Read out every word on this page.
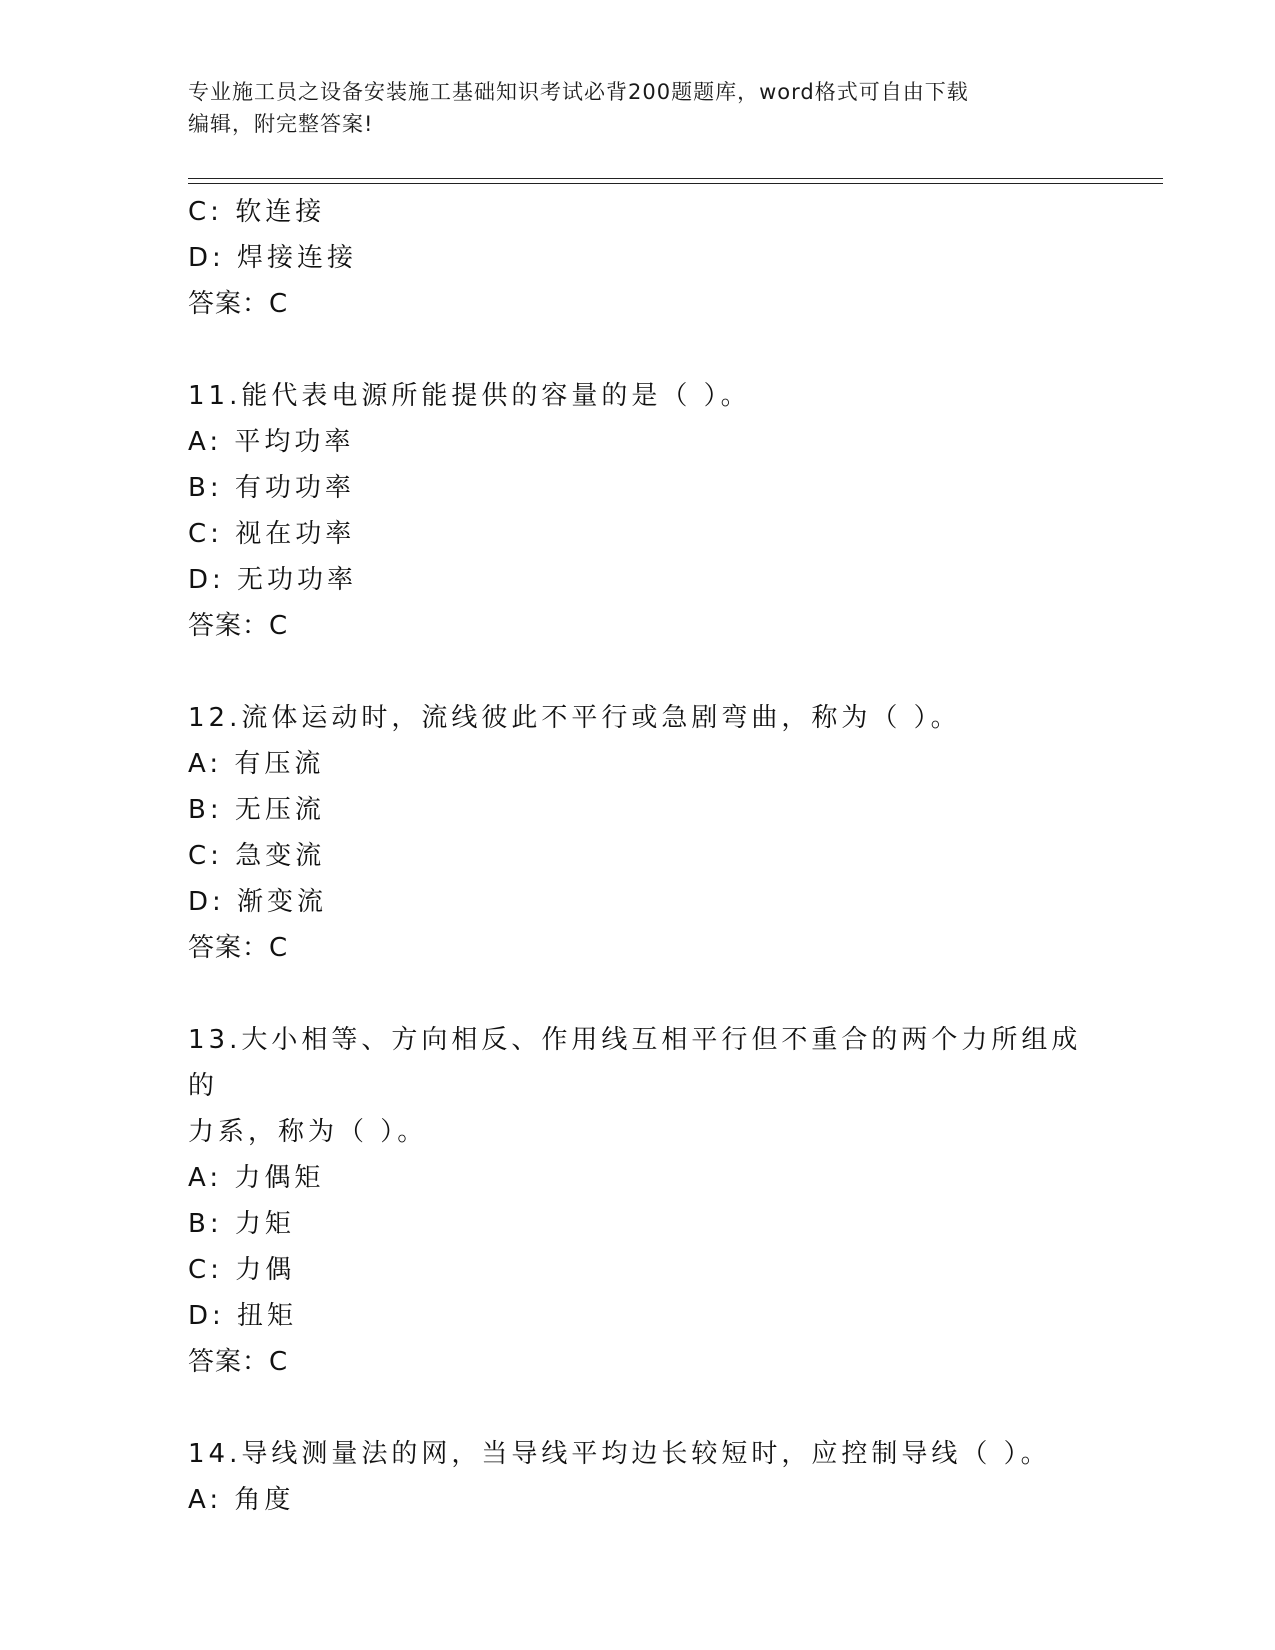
专业施工员之设备安装施工基础知识考试必背200题题库，word格式可自由下载
编辑，附完整答案!
C: 软连接
D: 焊接连接
答案：C
11.能代表电源所能提供的容量的是（ ）。
A: 平均功率
B: 有功功率
C: 视在功率
D: 无功功率
答案：C
12.流体运动时，流线彼此不平行或急剧弯曲，称为（ ）。
A: 有压流
B: 无压流
C: 急变流
D: 渐变流
答案：C
13.大小相等、方向相反、作用线互相平行但不重合的两个力所组成的
力系，称为（ ）。
A: 力偶矩
B: 力矩
C: 力偶
D: 扭矩
答案：C
14.导线测量法的网，当导线平均边长较短时，应控制导线（ ）。
A: 角度
